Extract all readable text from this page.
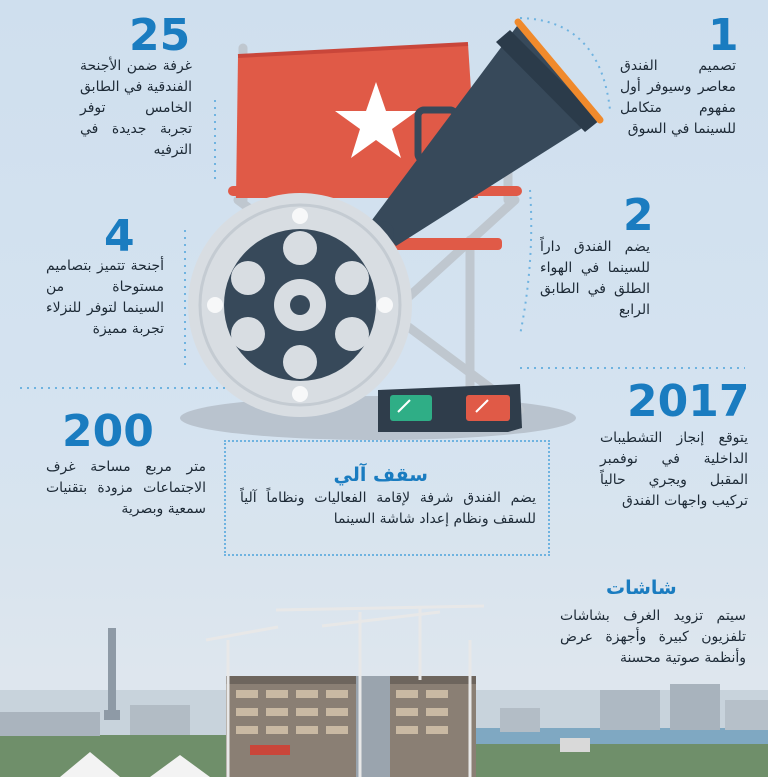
25
غرفة ضمن الأجنحة الفندقية في الطابق الخامس توفر تجربة جديدة في الترفيه
1
تصميم الفندق معاصر وسيوفر أول مفهوم متكامل للسينما في السوق
4
أجنحة تتميز بتصاميم مستوحاة من السينما لتوفر للنزلاء تجربة مميزة
2
يضم الفندق داراً للسينما في الهواء الطلق في الطابق الرابع
200
متر مربع مساحة غرف الاجتماعات مزودة بتقنيات سمعية وبصرية
2017
يتوقع إنجاز التشطيبات الداخلية في نوفمبر المقبل ويجري حالياً تركيب واجهات الفندق
سقف آلي
يضم الفندق شرفة لإقامة الفعاليات ونظاماً آلياً للسقف ونظام إعداد شاشة السينما
شاشات
سيتم تزويد الغرف بشاشات تلفزيون كبيرة وأجهزة عرض وأنظمة صوتية محسنة
